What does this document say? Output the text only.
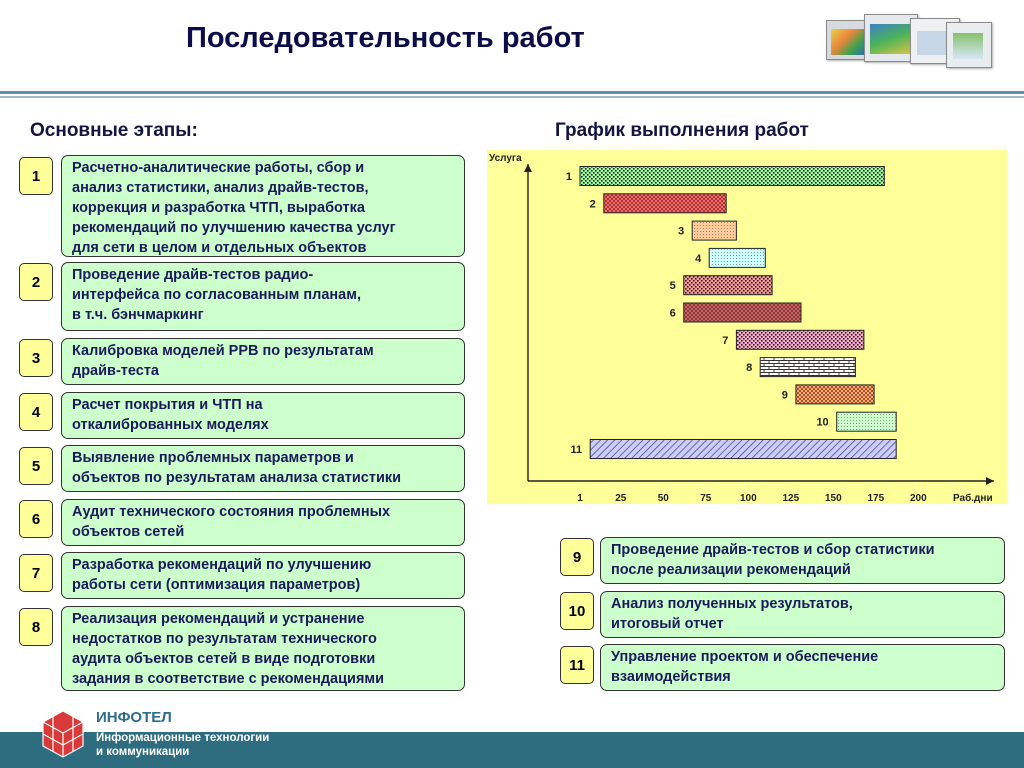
Последовательность работ
Основные этапы:	График выполнения работ
1	Расчетно-аналитические работы, сбор и
анализ статистики, анализ драйв-тестов,
коррекция и разработка ЧТП, выработка
рекомендаций по улучшению качества услуг
для сети в целом и отдельных объектов
2	Проведение драйв-тестов радио-
интерфейса по согласованным планам,
в т.ч. бэнчмаркинг
3	Калибровка моделей РРВ по результатам
драйв-теста
4	Расчет покрытия и ЧТП на
откалиброванных моделях
5	Выявление проблемных параметров и
объектов по результатам анализа статистики
6	Аудит технического состояния проблемных
объектов сетей
7	Разработка рекомендаций по улучшению
работы сети (оптимизация параметров)
8	Реализация рекомендаций и устранение
недостатков по результатам технического
аудита объектов сетей в виде подготовки
задания в соответствие с рекомендациями
Услуга
Раб.дни
1	25	50	75	100	125	150	175	200
1
2
3
4
5
6
7
8
9
10
11
9	Проведение драйв-тестов и сбор статистики
после реализации рекомендаций
10	Анализ полученных результатов,
итоговый отчет
11	Управление проектом и обеспечение
взаимодействия
ИНФОТЕЛ
Информационные технологии
и коммуникации
